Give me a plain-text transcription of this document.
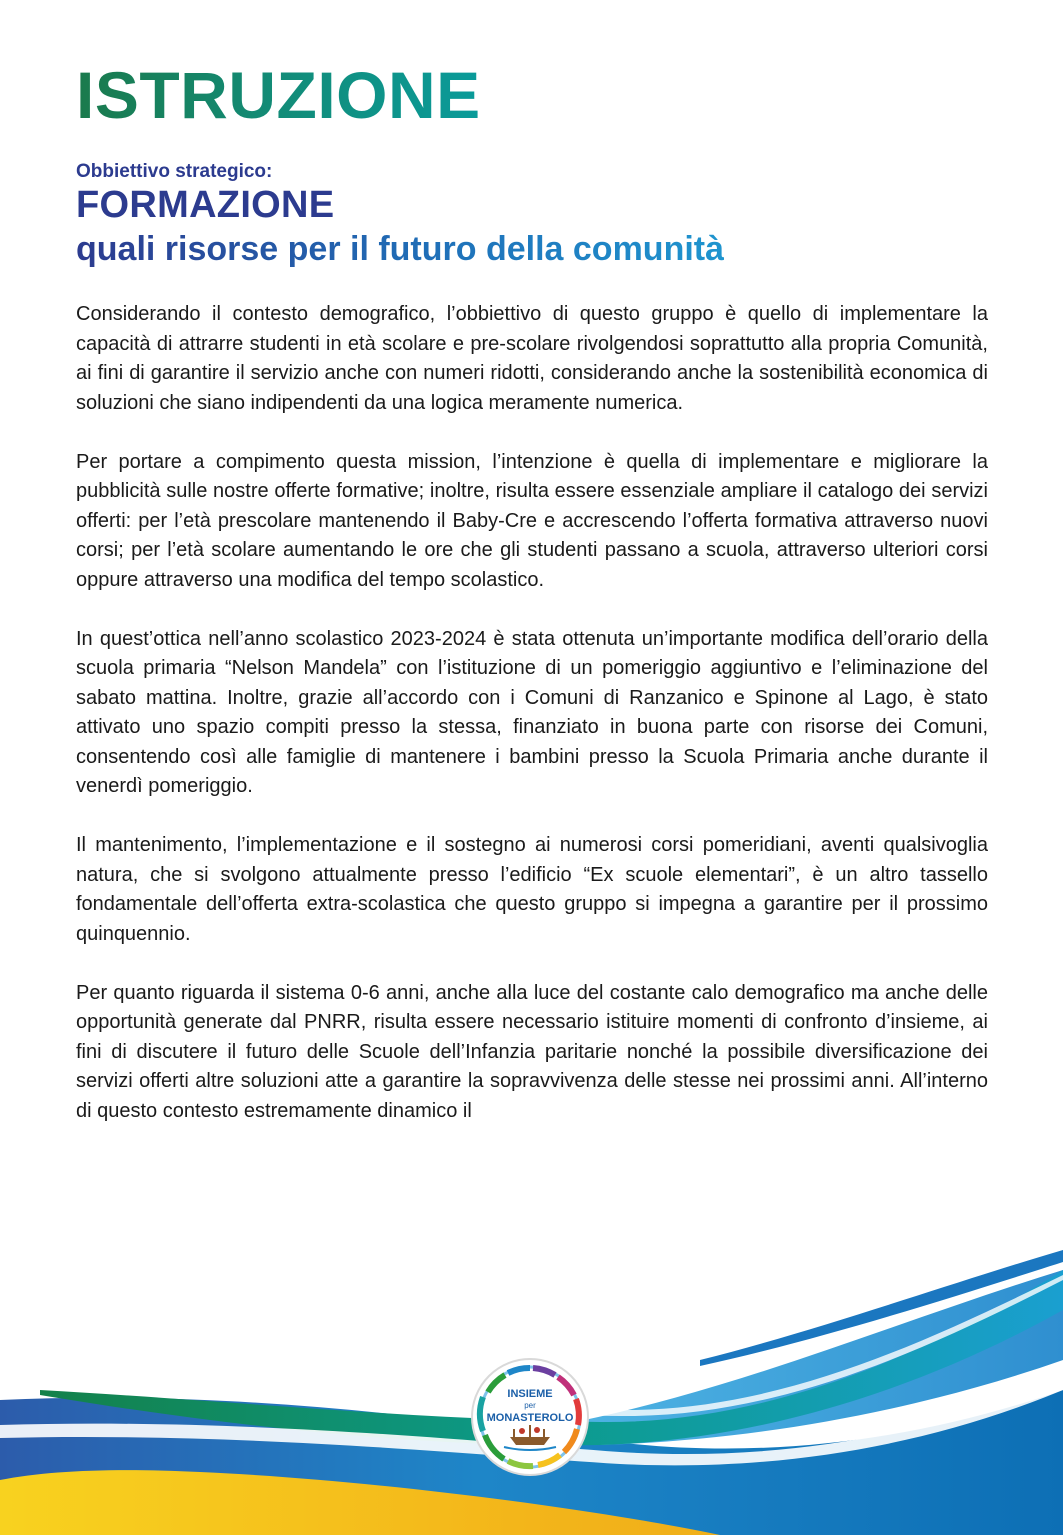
ISTRUZIONE
Obbiettivo strategico:
FORMAZIONE
quali risorse per il futuro della comunità

Considerando il contesto demografico, l’obbiettivo di questo gruppo è quello di implementare la capacità di attrarre studenti in età scolare e pre-scolare rivolgendosi soprattutto alla propria Comunità, ai fini di garantire il servizio anche con numeri ridotti, considerando anche la sostenibilità economica di soluzioni che siano indipendenti da una logica meramente numerica.

Per portare a compimento questa mission, l’intenzione è quella di implementare e migliorare la pubblicità sulle nostre offerte formative; inoltre, risulta essere essenziale ampliare il catalogo dei servizi offerti: per l’età prescolare mantenendo il Baby-Cre e accrescendo l’offerta formativa attraverso nuovi corsi; per l’età scolare aumentando le ore che gli studenti passano a scuola, attraverso ulteriori corsi oppure attraverso una modifica del tempo scolastico.

In quest’ottica nell’anno scolastico 2023-2024 è stata ottenuta un’importante modifica dell’orario della scuola primaria “Nelson Mandela” con l’istituzione di un pomeriggio aggiuntivo e l’eliminazione del sabato mattina. Inoltre, grazie all’accordo con i Comuni di Ranzanico e Spinone al Lago, è stato attivato uno spazio compiti presso la stessa, finanziato in buona parte con risorse dei Comuni, consentendo così alle famiglie di mantenere i bambini presso la Scuola Primaria anche durante il venerdì pomeriggio.

Il mantenimento, l’implementazione e il sostegno ai numerosi corsi pomeridiani, aventi qualsivoglia natura, che si svolgono attualmente presso l’edificio “Ex scuole elementari”, è un altro tassello fondamentale dell’offerta extra-scolastica che questo gruppo si impegna a garantire per il prossimo quinquennio.

Per quanto riguarda il sistema 0-6 anni, anche alla luce del costante calo demografico ma anche delle opportunità generate dal PNRR, risulta essere necessario istituire momenti di confronto d’insieme, ai fini di discutere il futuro delle Scuole dell’Infanzia paritarie nonché la possibile diversificazione dei servizi offerti altre soluzioni atte a garantire la sopravvivenza delle stesse nei prossimi anni. All’interno di questo contesto estremamente dinamico il

INSIEME
per
MONASTEROLO
